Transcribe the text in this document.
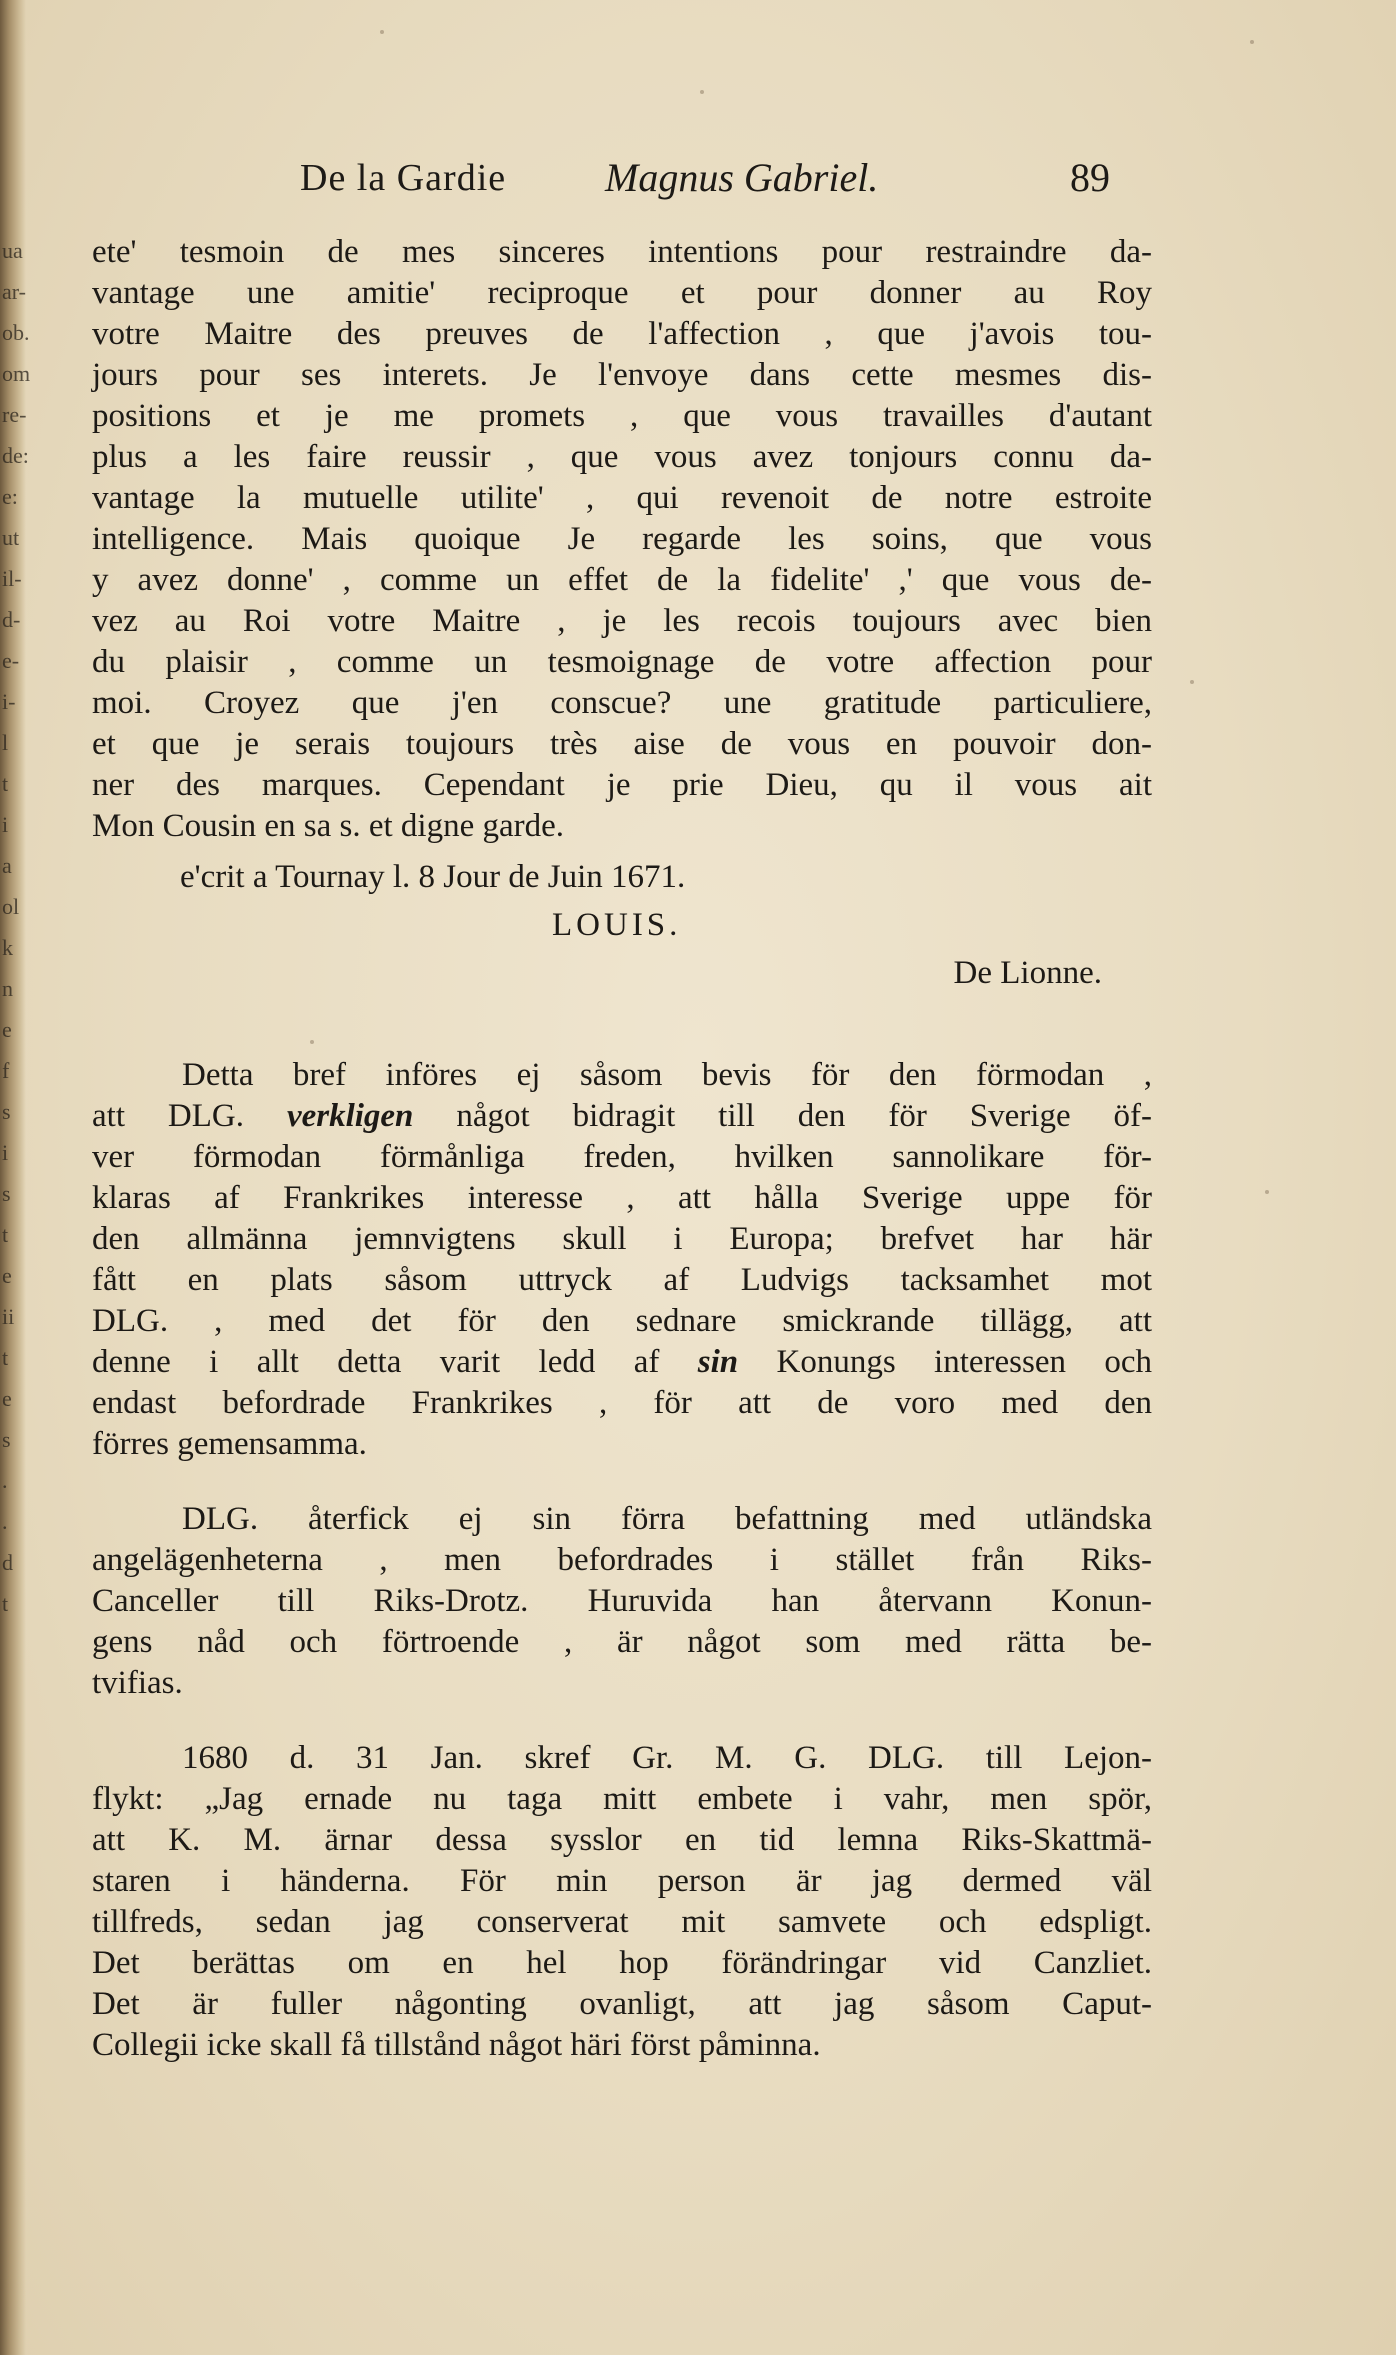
ua
ar-
ob.
om
re-
de:
e:
ut
il-
d-
e-
i-
l
t
i
a
ol
k
n
e
f
s
i
s
t
e
ii
t
e
s
.
.
d
t
De la Gardie Magnus Gabriel.	89
ete' tesmoin de mes sinceres intentions pour restraindre da-
vantage une amitie' reciproque et pour donner au Roy
votre Maitre des preuves de l'affection , que j'avois tou-
jours pour ses interets. Je l'envoye dans cette mesmes dis-
positions et je me promets , que vous travailles d'autant
plus a les faire reussir , que vous avez tonjours connu da-
vantage la mutuelle utilite' , qui revenoit de notre estroite
intelligence. Mais quoique Je regarde les soins, que vous
y avez donne' , comme un effet de la fidelite' ,' que vous de-
vez au Roi votre Maitre , je les recois toujours avec bien
du plaisir , comme un tesmoignage de votre affection pour
moi. Croyez que j'en conscue? une gratitude particuliere,
et que je serais toujours très aise de vous en pouvoir don-
ner des marques. Cependant je prie Dieu, qu il vous ait
Mon Cousin en sa s. et digne garde.
e'crit a Tournay l. 8 Jour de Juin 1671.
LOUIS.
De Lionne.
Detta bref införes ej såsom bevis för den förmodan ,
att DLG. verkligen något bidragit till den för Sverige öf-
ver förmodan förmånliga freden, hvilken sannolikare för-
klaras af Frankrikes interesse , att hålla Sverige uppe för
den allmänna jemnvigtens skull i Europa; brefvet har här
fått en plats såsom uttryck af Ludvigs tacksamhet mot
DLG. , med det för den sednare smickrande tillägg, att
denne i allt detta varit ledd af sin Konungs interessen och
endast befordrade Frankrikes , för att de voro med den
förres gemensamma.
DLG. återfick ej sin förra befattning med utländska
angelägenheterna , men befordrades i stället från Riks-
Canceller till Riks-Drotz. Huruvida han återvann Konun-
gens nåd och förtroende , är något som med rätta be-
tvifias.
1680 d. 31 Jan. skref Gr. M. G. DLG. till Lejon-
flykt: „Jag ernade nu taga mitt embete i vahr, men spör,
att K. M. ärnar dessa sysslor en tid lemna Riks-Skattmä-
staren i händerna. För min person är jag dermed väl
tillfreds, sedan jag conserverat mit samvete och edspligt.
Det berättas om en hel hop förändringar vid Canzliet.
Det är fuller någonting ovanligt, att jag såsom Caput-
Collegii icke skall få tillstånd något häri först påminna.
